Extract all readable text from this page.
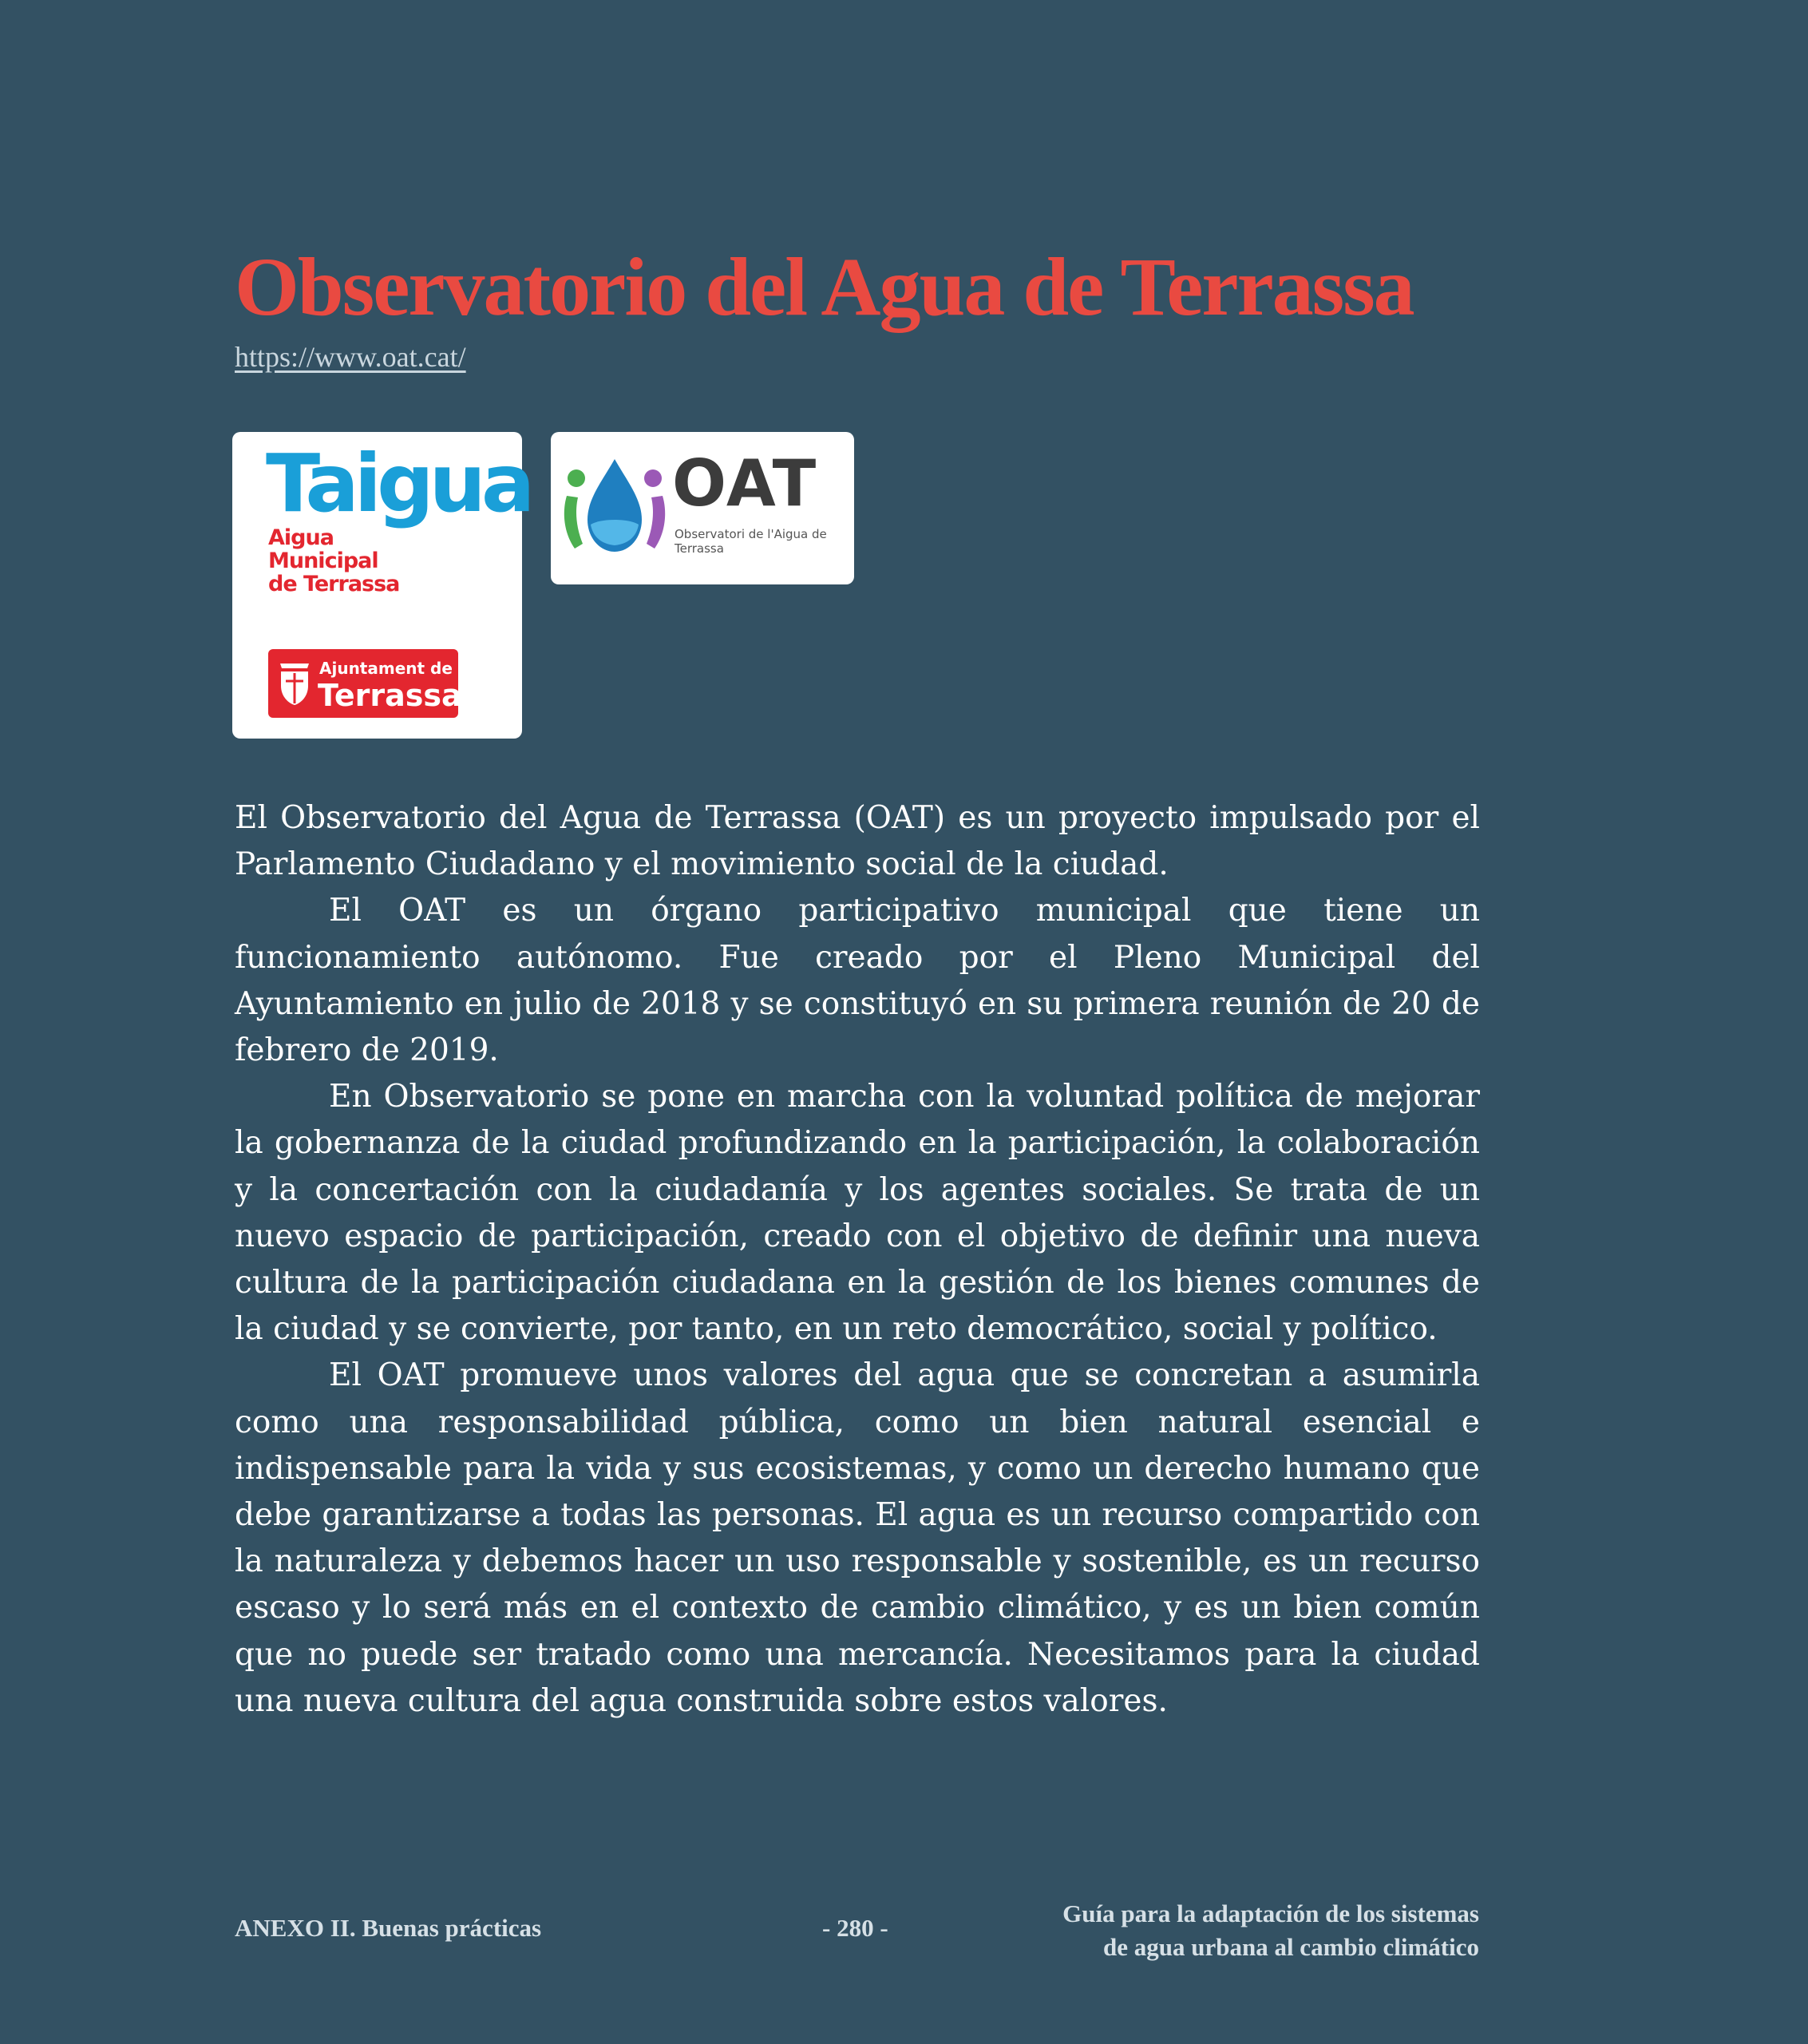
Observatorio del Agua de Terrassa
https://www.oat.cat/
Taigua
Aigua
Municipal
de Terrassa
Ajuntament de
Terrassa
OAT
Observatori de l'Aigua de Terrassa

El Observatorio del Agua de Terrassa (OAT) es un proyecto impulsado por el Parlamento Ciudadano y el movimiento social de la ciudad.

El OAT es un órgano participativo municipal que tiene un funcionamiento autónomo. Fue creado por el Pleno Municipal del Ayuntamiento en julio de 2018 y se constituyó en su primera reunión de 20 de febrero de 2019.

En Observatorio se pone en marcha con la voluntad política de mejorar la gobernanza de la ciudad profundizando en la participación, la colaboración y la concertación con la ciudadanía y los agentes sociales. Se trata de un nuevo espacio de participación, creado con el objetivo de definir una nueva cultura de la participación ciudadana en la gestión de los bienes comunes de la ciudad y se convierte, por tanto, en un reto democrático, social y político.

El OAT promueve unos valores del agua que se concretan a asumirla como una responsabilidad pública, como un bien natural esencial e indispensable para la vida y sus ecosistemas, y como un derecho humano que debe garantizarse a todas las personas. El agua es un recurso compartido con la naturaleza y debemos hacer un uso responsable y sostenible, es un recurso escaso y lo será más en el contexto de cambio climático, y es un bien común que no puede ser tratado como una mercancía. Necesitamos para la ciudad una nueva cultura del agua construida sobre estos valores.

ANEXO II. Buenas prácticas	- 280 -
Guía para la adaptación de los sistemas
de agua urbana al cambio climático
